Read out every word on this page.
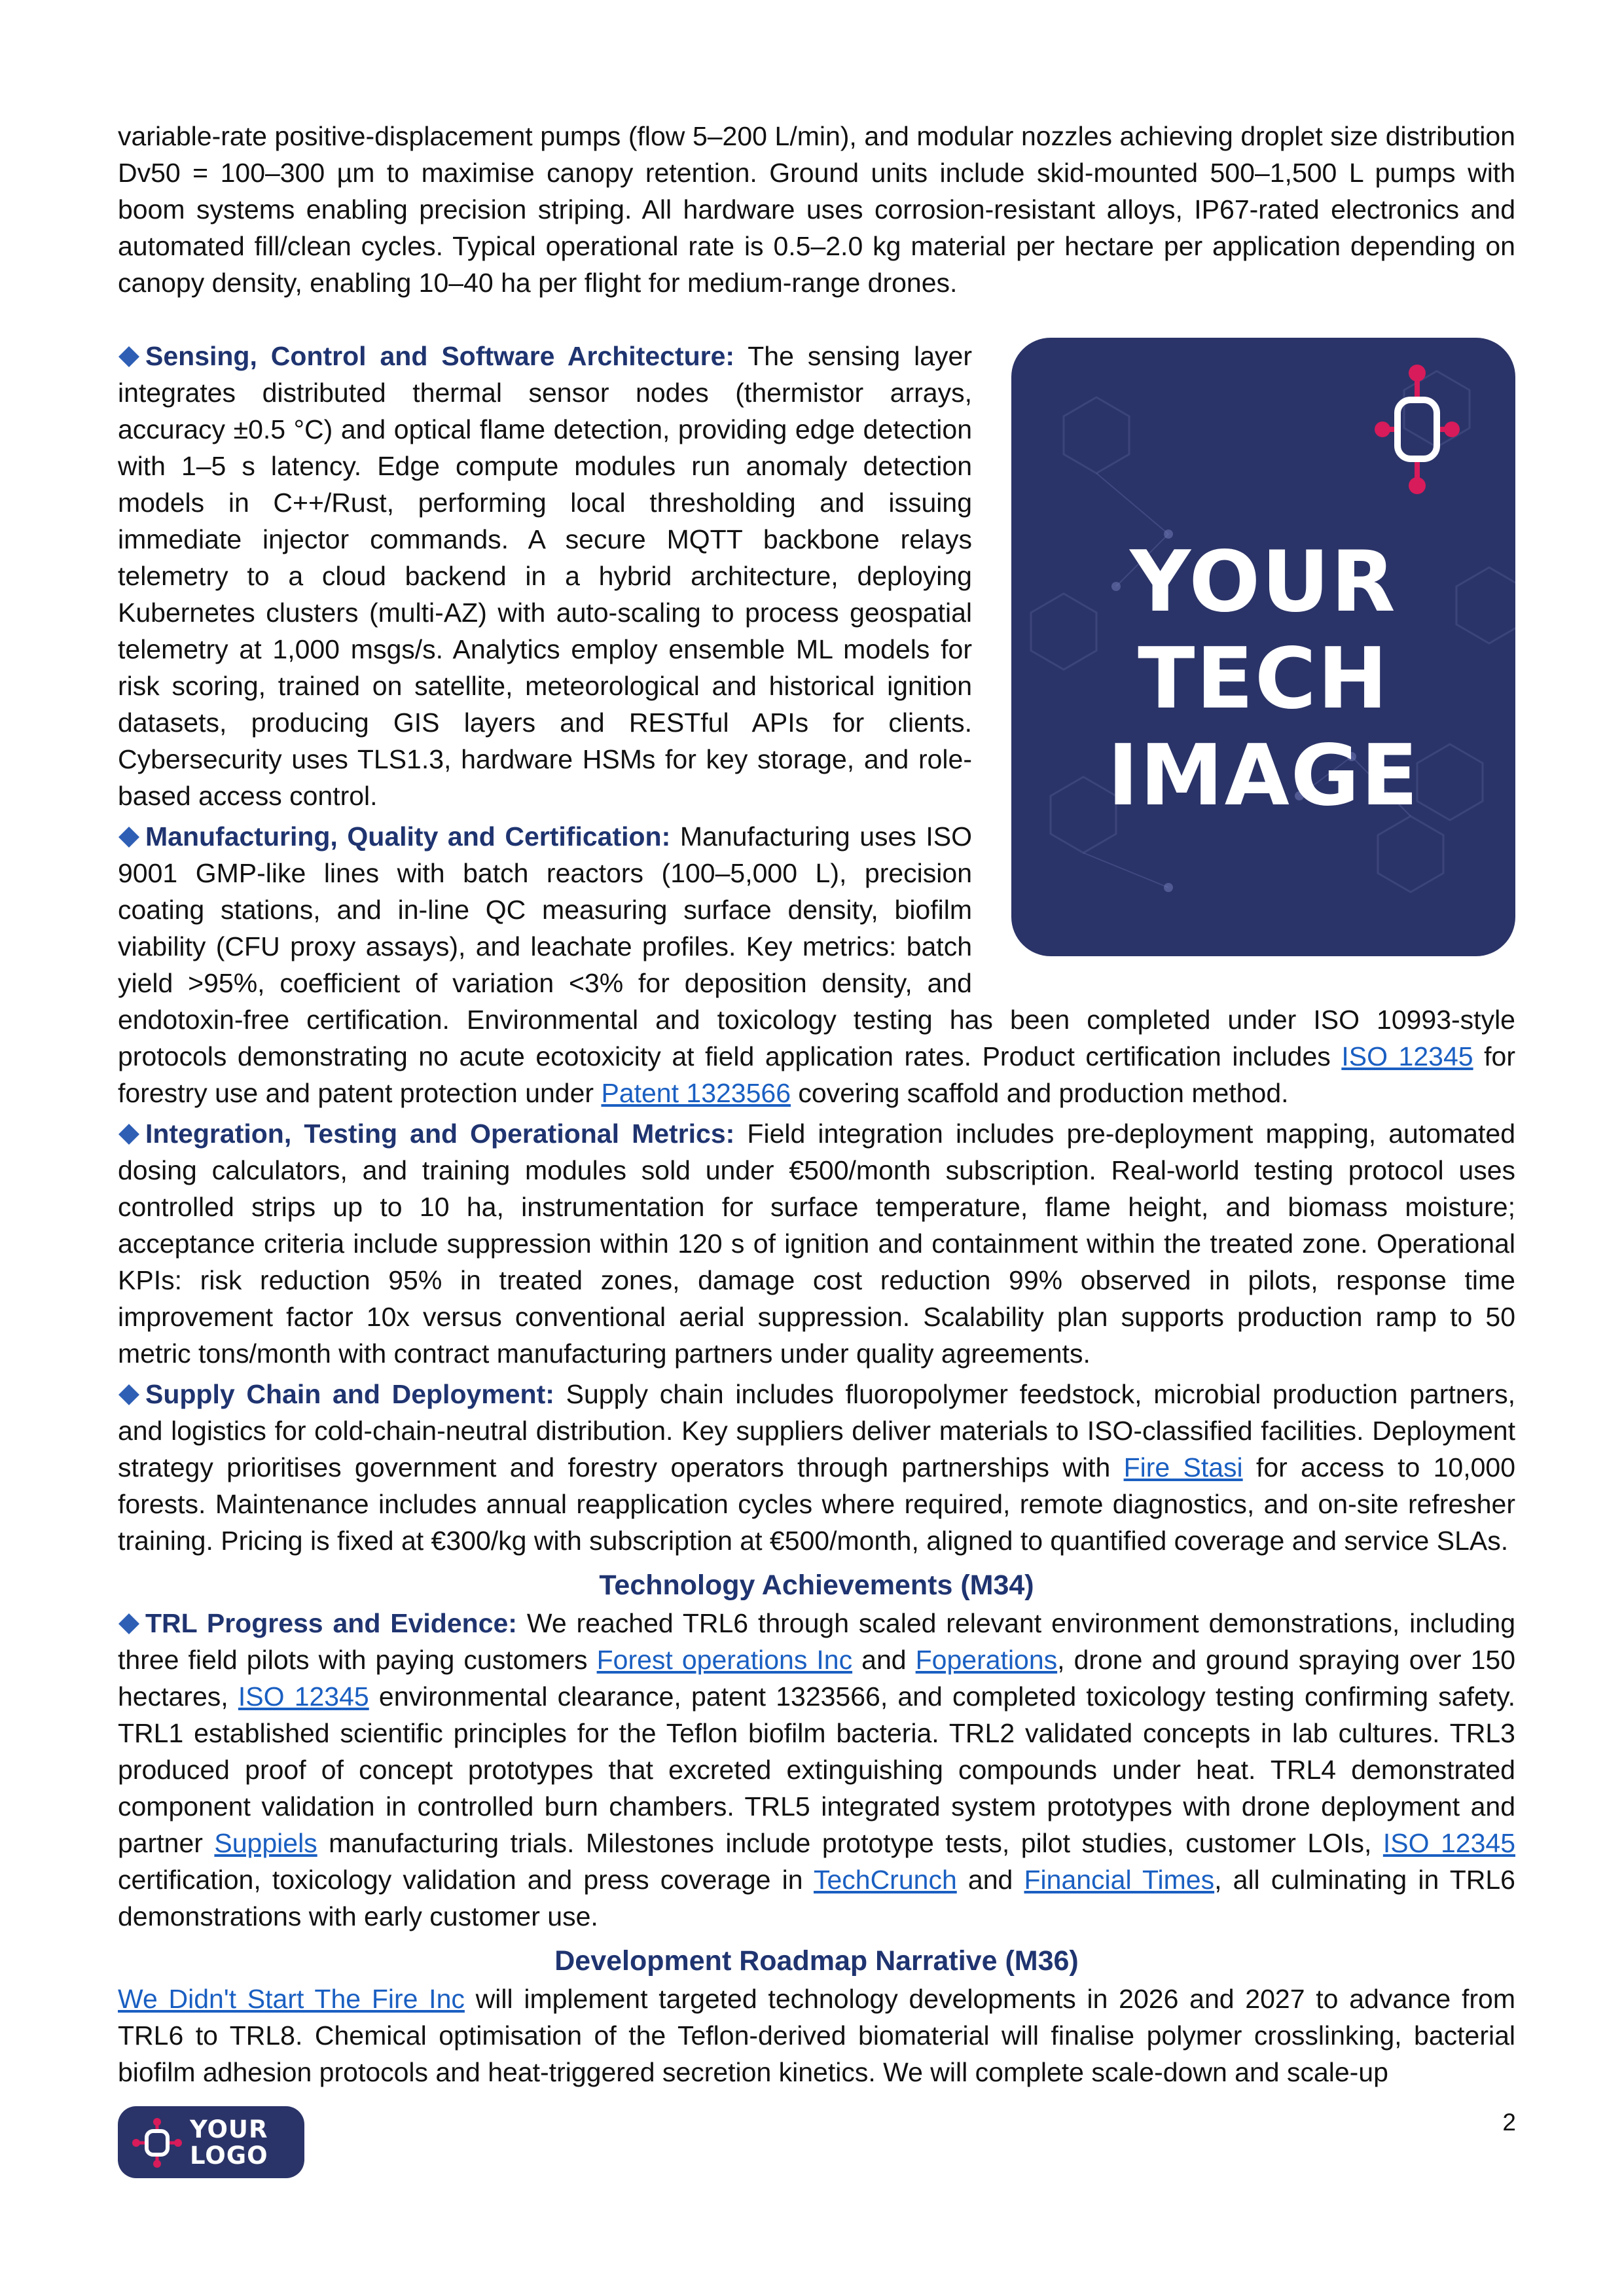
variable-rate positive-displacement pumps (flow 5–200 L/min), and modular nozzles achieving droplet size distribution Dv50 = 100–300 µm to maximise canopy retention. Ground units include skid-mounted 500–1,500 L pumps with boom systems enabling precision striping. All hardware uses corrosion-resistant alloys, IP67-rated electronics and automated fill/clean cycles. Typical operational rate is 0.5–2.0 kg material per hectare per application depending on canopy density, enabling 10–40 ha per flight for medium-range drones.

YOUR
TECH
IMAGE

Sensing, Control and Software Architecture: The sensing layer integrates distributed thermal sensor nodes (thermistor arrays, accuracy ±0.5 °C) and optical flame detection, providing edge detection with 1–5 s latency. Edge compute modules run anomaly detection models in C++/Rust, performing local thresholding and issuing immediate injector commands. A secure MQTT backbone relays telemetry to a cloud backend in a hybrid architecture, deploying Kubernetes clusters (multi-AZ) with auto-scaling to process geospatial telemetry at 1,000 msgs/s. Analytics employ ensemble ML models for risk scoring, trained on satellite, meteorological and historical ignition datasets, producing GIS layers and RESTful APIs for clients. Cybersecurity uses TLS1.3, hardware HSMs for key storage, and role-based access control.

Manufacturing, Quality and Certification: Manufacturing uses ISO 9001 GMP-like lines with batch reactors (100–5,000 L), precision coating stations, and in-line QC measuring surface density, biofilm viability (CFU proxy assays), and leachate profiles. Key metrics: batch yield >95%, coefficient of variation <3% for deposition density, and endotoxin-free certification. Environmental and toxicology testing has been completed under ISO 10993-style protocols demonstrating no acute ecotoxicity at field application rates. Product certification includes ISO 12345 for forestry use and patent protection under Patent 1323566 covering scaffold and production method.

Integration, Testing and Operational Metrics: Field integration includes pre-deployment mapping, automated dosing calculators, and training modules sold under €500/month subscription. Real-world testing protocol uses controlled strips up to 10 ha, instrumentation for surface temperature, flame height, and biomass moisture; acceptance criteria include suppression within 120 s of ignition and containment within the treated zone. Operational KPIs: risk reduction 95% in treated zones, damage cost reduction 99% observed in pilots, response time improvement factor 10x versus conventional aerial suppression. Scalability plan supports production ramp to 50 metric tons/month with contract manufacturing partners under quality agreements.

Supply Chain and Deployment: Supply chain includes fluoropolymer feedstock, microbial production partners, and logistics for cold-chain-neutral distribution. Key suppliers deliver materials to ISO-classified facilities. Deployment strategy prioritises government and forestry operators through partnerships with Fire Stasi for access to 10,000 forests. Maintenance includes annual reapplication cycles where required, remote diagnostics, and on-site refresher training. Pricing is fixed at €300/kg with subscription at €500/month, aligned to quantified coverage and service SLAs.

Technology Achievements (M34)

TRL Progress and Evidence: We reached TRL6 through scaled relevant environment demonstrations, including three field pilots with paying customers Forest operations Inc and Foperations, drone and ground spraying over 150 hectares, ISO 12345 environmental clearance, patent 1323566, and completed toxicology testing confirming safety. TRL1 established scientific principles for the Teflon biofilm bacteria. TRL2 validated concepts in lab cultures. TRL3 produced proof of concept prototypes that excreted extinguishing compounds under heat. TRL4 demonstrated component validation in controlled burn chambers. TRL5 integrated system prototypes with drone deployment and partner Suppiels manufacturing trials. Milestones include prototype tests, pilot studies, customer LOIs, ISO 12345 certification, toxicology validation and press coverage in TechCrunch and Financial Times, all culminating in TRL6 demonstrations with early customer use.

Development Roadmap Narrative (M36)

We Didn't Start The Fire Inc will implement targeted technology developments in 2026 and 2027 to advance from TRL6 to TRL8. Chemical optimisation of the Teflon-derived biomaterial will finalise polymer crosslinking, bacterial biofilm adhesion protocols and heat-triggered secretion kinetics. We will complete scale-down and scale-up

YOUR
LOGO
2
